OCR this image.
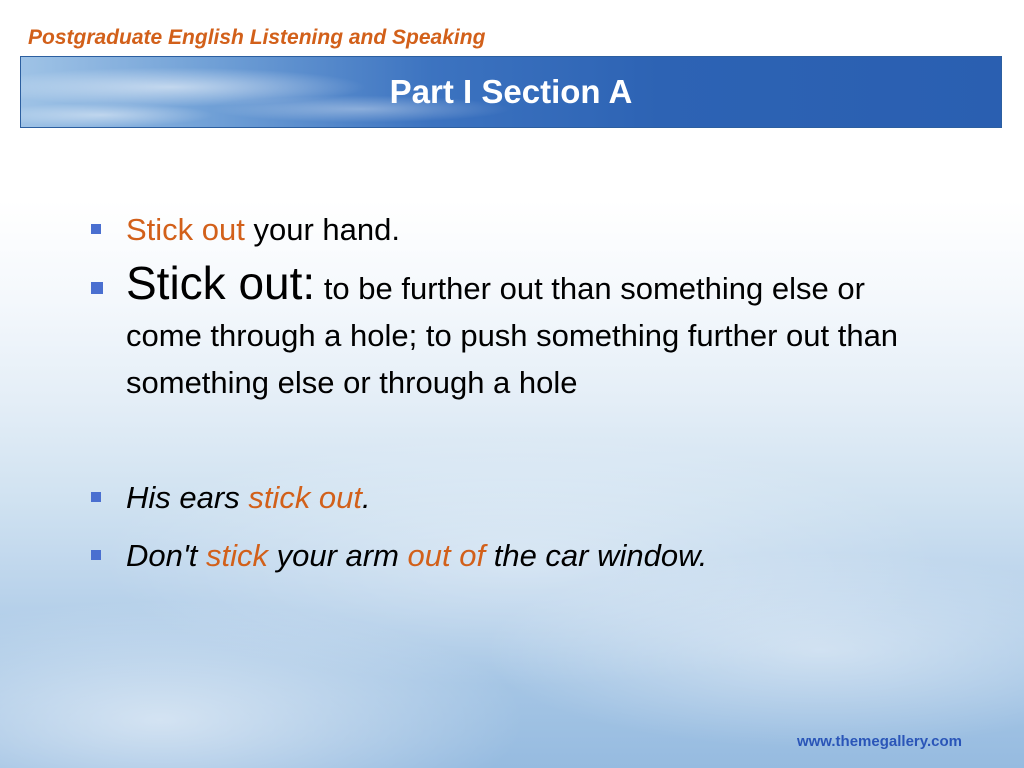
Postgraduate English Listening and Speaking
Part I Section A
Stick out your hand.
Stick out: to be further out than something else or come through a hole; to push something further out than something else or through a hole
His ears stick out.
Don't stick your arm out of the car window.
www.themegallery.com
